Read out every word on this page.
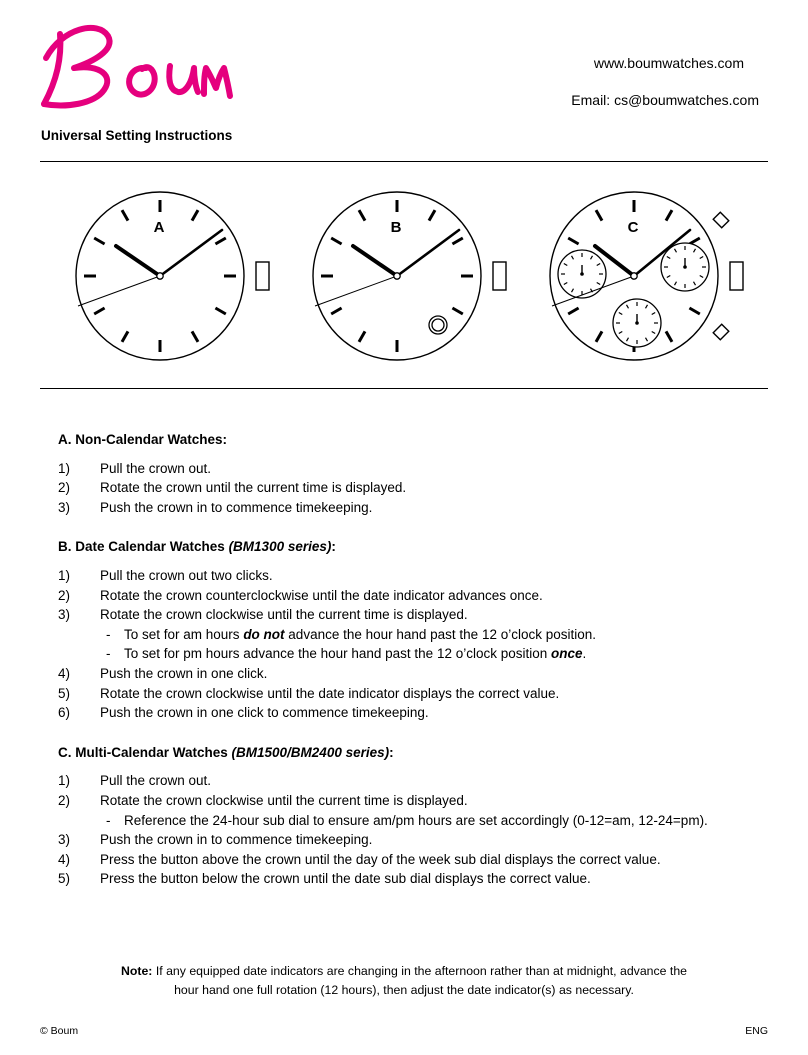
www.boumwatches.com
Email: cs@boumwatches.com
Universal Setting Instructions
A	B	C
A. Non-Calendar Watches:
1) Pull the crown out.
2) Rotate the crown until the current time is displayed.
3) Push the crown in to commence timekeeping.
B. Date Calendar Watches (BM1300 series):
1) Pull the crown out two clicks.
2) Rotate the crown counterclockwise until the date indicator advances once.
3) Rotate the crown clockwise until the current time is displayed.
- To set for am hours do not advance the hour hand past the 12 o’clock position.
- To set for pm hours advance the hour hand past the 12 o’clock position once.
4) Push the crown in one click.
5) Rotate the crown clockwise until the date indicator displays the correct value.
6) Push the crown in one click to commence timekeeping.
C. Multi-Calendar Watches (BM1500/BM2400 series):
1) Pull the crown out.
2) Rotate the crown clockwise until the current time is displayed.
- Reference the 24-hour sub dial to ensure am/pm hours are set accordingly (0-12=am, 12-24=pm).
3) Push the crown in to commence timekeeping.
4) Press the button above the crown until the day of the week sub dial displays the correct value.
5) Press the button below the crown until the date sub dial displays the correct value.
Note: If any equipped date indicators are changing in the afternoon rather than at midnight, advance the
hour hand one full rotation (12 hours), then adjust the date indicator(s) as necessary.
© Boum	ENG
